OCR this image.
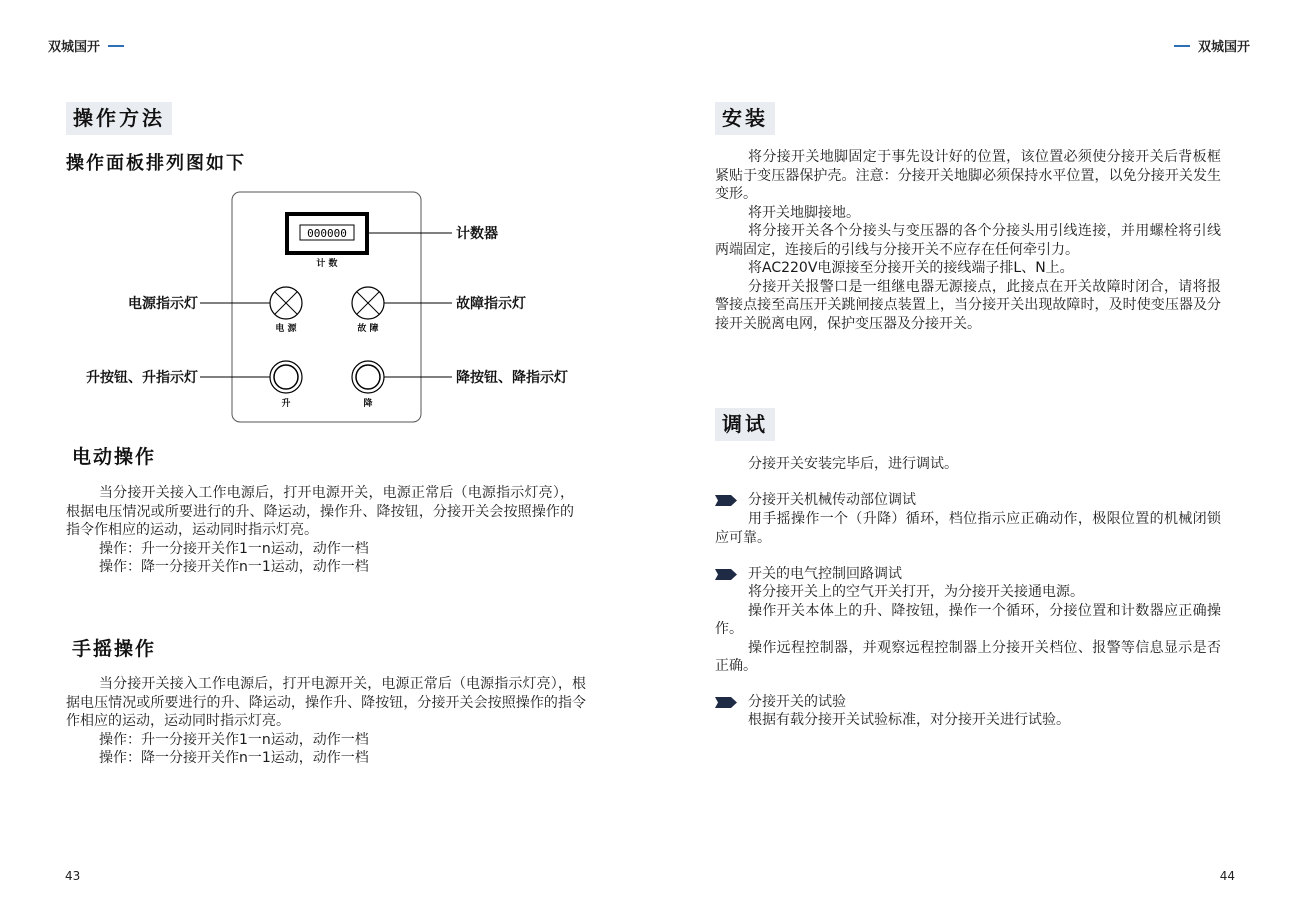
双城国开	双城国开
操作方法
操作面板排列图如下
000000
计 数
计数器
电 源
电源指示灯
故 障
故障指示灯
升
升按钮、升指示灯
降
降按钮、降指示灯
电动操作

当分接开关接入工作电源后，打开电源开关，电源正常后（电源指示灯亮），根据电压情况或所要进行的升、降运动，操作升、降按钮，分接开关会按照操作的指令作相应的运动，运动同时指示灯亮。

操作：升一分接开关作1一n运动，动作一档

操作：降一分接开关作n一1运动，动作一档

手摇操作

当分接开关接入工作电源后，打开电源开关，电源正常后（电源指示灯亮），根据电压情况或所要进行的升、降运动，操作升、降按钮，分接开关会按照操作的指令作相应的运动，运动同时指示灯亮。

操作：升一分接开关作1一n运动，动作一档

操作：降一分接开关作n一1运动，动作一档

安装

将分接开关地脚固定于事先设计好的位置，该位置必须使分接开关后背板框紧贴于变压器保护壳。注意：分接开关地脚必须保持水平位置，以免分接开关发生变形。

将开关地脚接地。

将分接开关各个分接头与变压器的各个分接头用引线连接，并用螺栓将引线两端固定，连接后的引线与分接开关不应存在任何牵引力。

将AC220V电源接至分接开关的接线端子排L、N上。

分接开关报警口是一组继电器无源接点，此接点在开关故障时闭合，请将报警接点接至高压开关跳闸接点装置上，当分接开关出现故障时，及时使变压器及分接开关脱离电网，保护变压器及分接开关。

调试

分接开关安装完毕后，进行调试。

分接开关机械传动部位调试

用手摇操作一个（升降）循环，档位指示应正确动作，极限位置的机械闭锁应可靠。

开关的电气控制回路调试

将分接开关上的空气开关打开，为分接开关接通电源。

操作开关本体上的升、降按钮，操作一个循环，分接位置和计数器应正确操作。

操作远程控制器，并观察远程控制器上分接开关档位、报警等信息显示是否正确。

分接开关的试验

根据有载分接开关试验标准，对分接开关进行试验。

43	44
